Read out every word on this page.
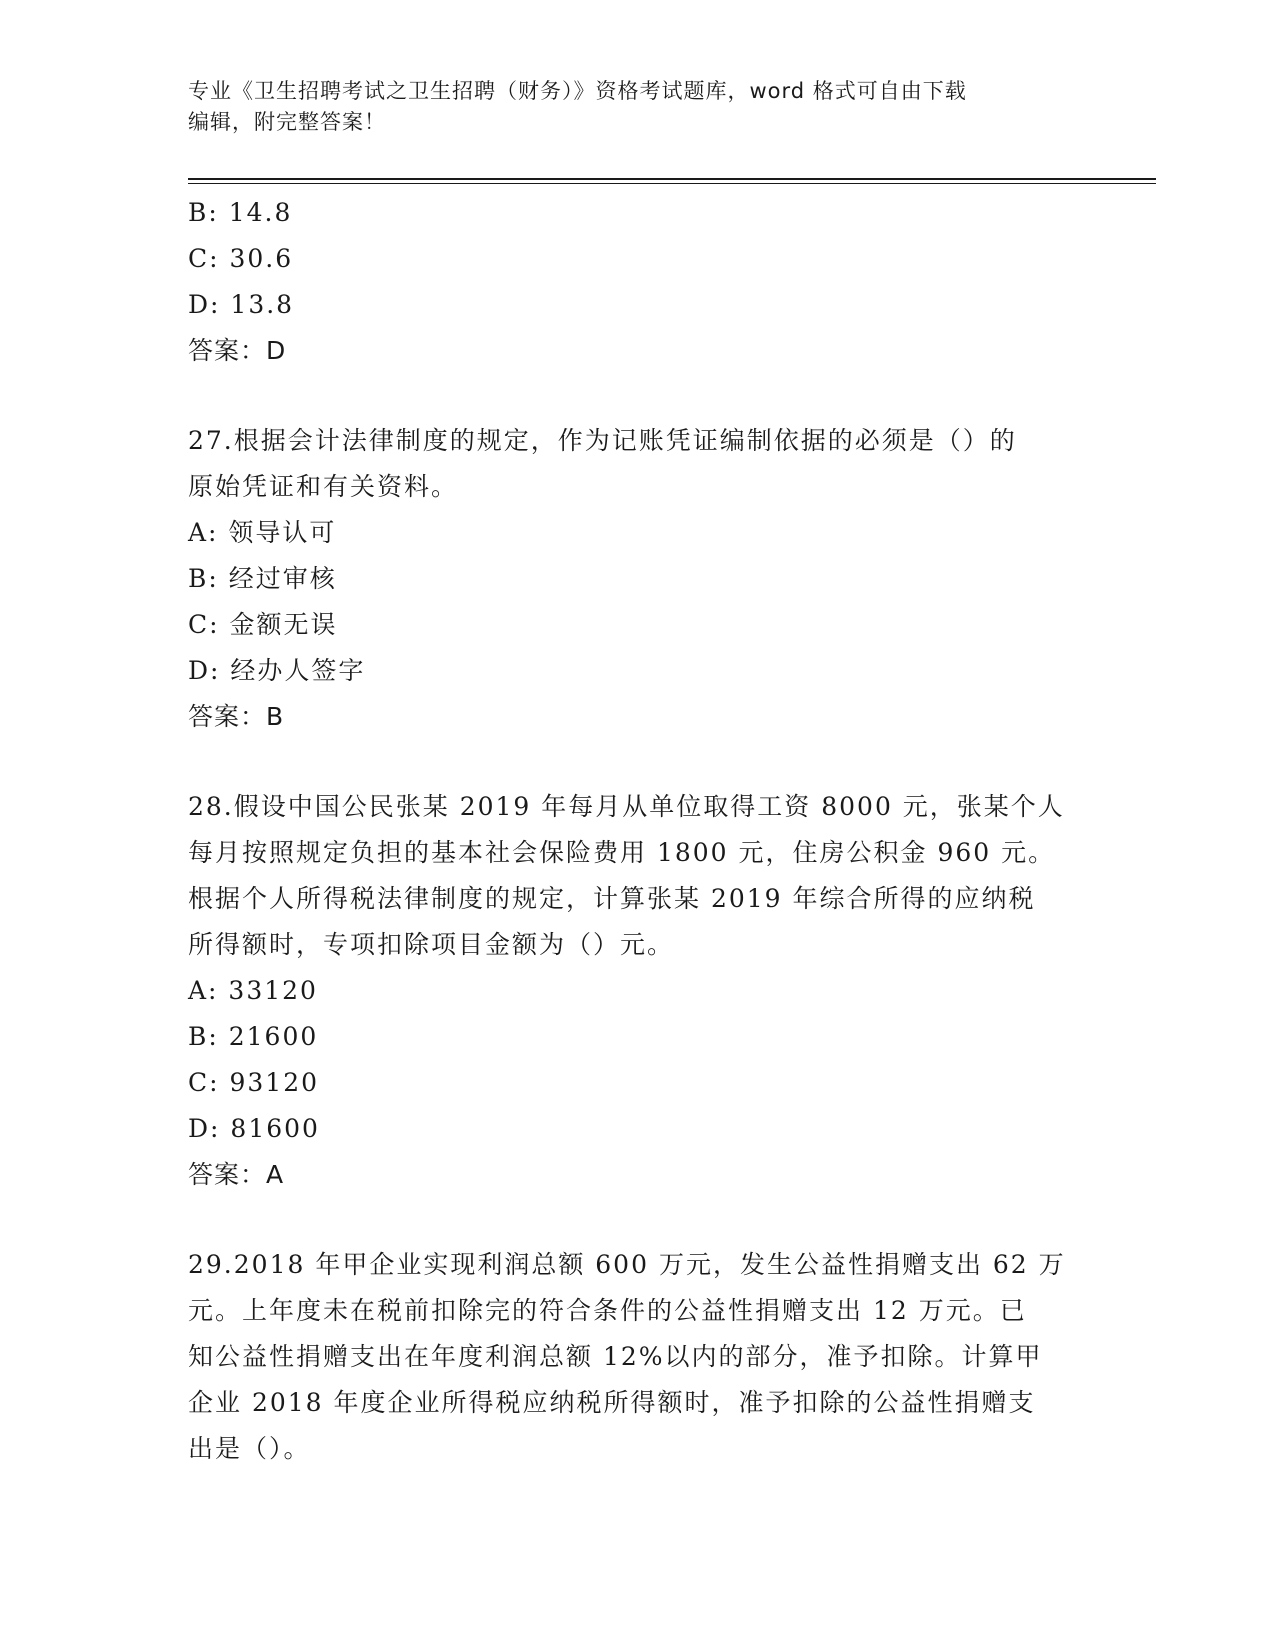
专业《卫生招聘考试之卫生招聘（财务）》资格考试题库，word 格式可自由下载
编辑，附完整答案！
B: 14.8
C: 30.6
D: 13.8
答案：D
27.根据会计法律制度的规定，作为记账凭证编制依据的必须是（）的
原始凭证和有关资料。
A: 领导认可
B: 经过审核
C: 金额无误
D: 经办人签字
答案：B
28.假设中国公民张某 2019 年每月从单位取得工资 8000 元，张某个人
每月按照规定负担的基本社会保险费用 1800 元，住房公积金 960 元。
根据个人所得税法律制度的规定，计算张某 2019 年综合所得的应纳税
所得额时，专项扣除项目金额为（）元。
A: 33120
B: 21600
C: 93120
D: 81600
答案：A
29.2018 年甲企业实现利润总额 600 万元，发生公益性捐赠支出 62 万
元。上年度未在税前扣除完的符合条件的公益性捐赠支出 12 万元。已
知公益性捐赠支出在年度利润总额 12%以内的部分，准予扣除。计算甲
企业 2018 年度企业所得税应纳税所得额时，准予扣除的公益性捐赠支
出是（）。
